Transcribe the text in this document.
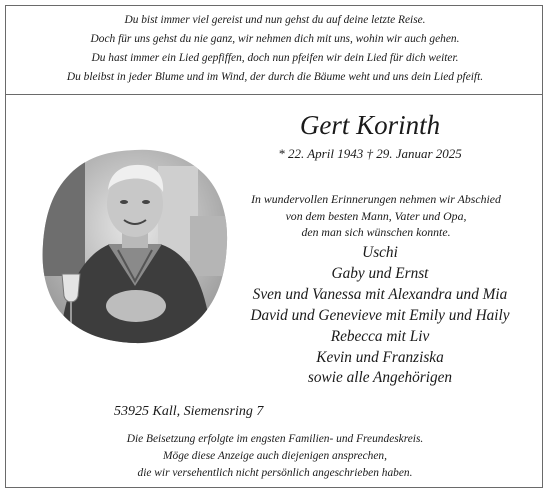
Du bist immer viel gereist und nun gehst du auf deine letzte Reise.
Doch für uns gehst du nie ganz, wir nehmen dich mit uns, wohin wir auch gehen.
Du hast immer ein Lied gepfiffen, doch nun pfeifen wir dein Lied für dich weiter.
Du bleibst in jeder Blume und im Wind, der durch die Bäume weht und uns dein Lied pfeift.
Gert Korinth
* 22. April 1943 † 29. Januar 2025
In wundervollen Erinnerungen nehmen wir Abschied
von dem besten Mann, Vater und Opa,
den man sich wünschen konnte.
Uschi
Gaby und Ernst
Sven und Vanessa mit Alexandra und Mia
David und Genevieve mit Emily und Haily
Rebecca mit Liv
Kevin und Franziska
sowie alle Angehörigen
53925 Kall, Siemensring 7
Die Beisetzung erfolgte im engsten Familien- und Freundeskreis.
Möge diese Anzeige auch diejenigen ansprechen,
die wir versehentlich nicht persönlich angeschrieben haben.
